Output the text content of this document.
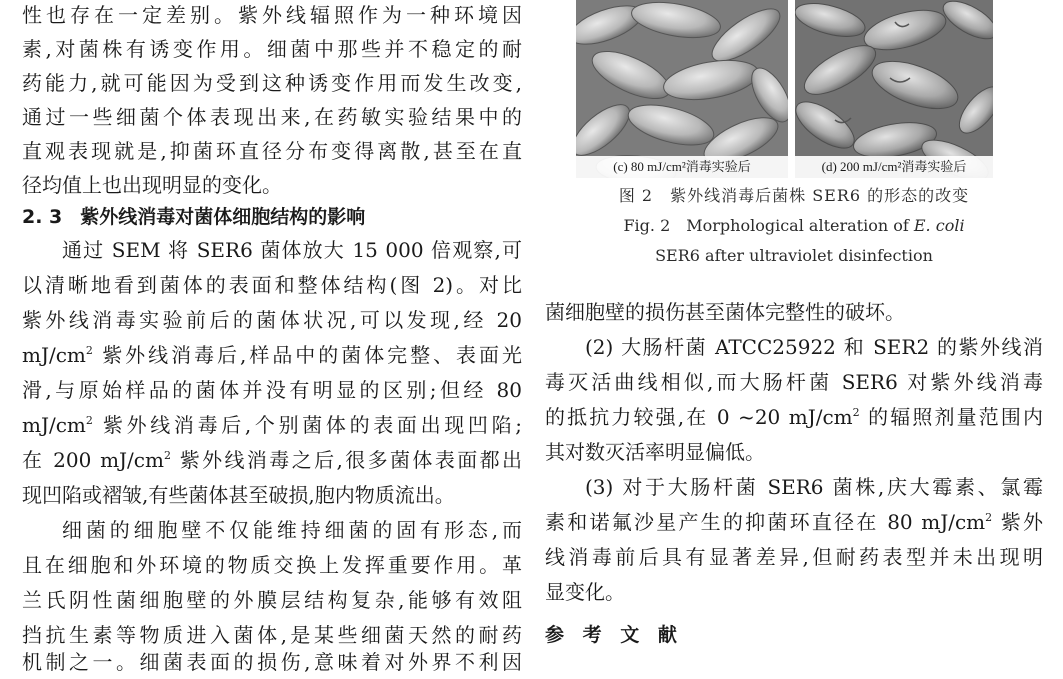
性也存在一定差别。紫外线辐照作为一种环境因
素,对菌株有诱变作用。细菌中那些并不稳定的耐
药能力,就可能因为受到这种诱变作用而发生改变,
通过一些细菌个体表现出来,在药敏实验结果中的
直观表现就是,抑菌环直径分布变得离散,甚至在直
径均值上也出现明显的变化。
2. 3 紫外线消毒对菌体细胞结构的影响
通过 SEM 将 SER6 菌体放大 15 000 倍观察,可
以清晰地看到菌体的表面和整体结构(图 2)。对比
紫外线消毒实验前后的菌体状况,可以发现,经 20
$mJ/cm^2$ 紫外线消毒后,样品中的菌体完整、表面光
滑,与原始样品的菌体并没有明显的区别;但经 80
$mJ/cm^2$ 紫外线消毒后,个别菌体的表面出现凹陷;
在 200 $mJ/cm^2$ 紫外线消毒之后,很多菌体表面都出
现凹陷或褶皱,有些菌体甚至破损,胞内物质流出。
细菌的细胞壁不仅能维持细菌的固有形态,而
且在细胞和外环境的物质交换上发挥重要作用。革
兰氏阴性菌细胞壁的外膜层结构复杂,能够有效阻
挡抗生素等物质进入菌体,是某些细菌天然的耐药
机制之一。细菌表面的损伤,意味着对外界不利因
(c) 80 mJ/cm²消毒实验后	(d) 200 mJ/cm²消毒实验后
图 2　紫外线消毒后菌株 SER6 的形态的改变
Fig. 2　Morphological alteration of E. coli
SER6 after ultraviolet disinfection
菌细胞壁的损伤甚至菌体完整性的破坏。
(2) 大肠杆菌 ATCC25922 和 SER2 的紫外线消
毒灭活曲线相似,而大肠杆菌 SER6 对紫外线消毒
的抵抗力较强,在 0 ~20 $mJ/cm^2$ 的辐照剂量范围内
其对数灭活率明显偏低。
(3) 对于大肠杆菌 SER6 菌株,庆大霉素、氯霉
素和诺氟沙星产生的抑菌环直径在 80 $mJ/cm^2$ 紫外
线消毒前后具有显著差异,但耐药表型并未出现明
显变化。
参 考 文 献
